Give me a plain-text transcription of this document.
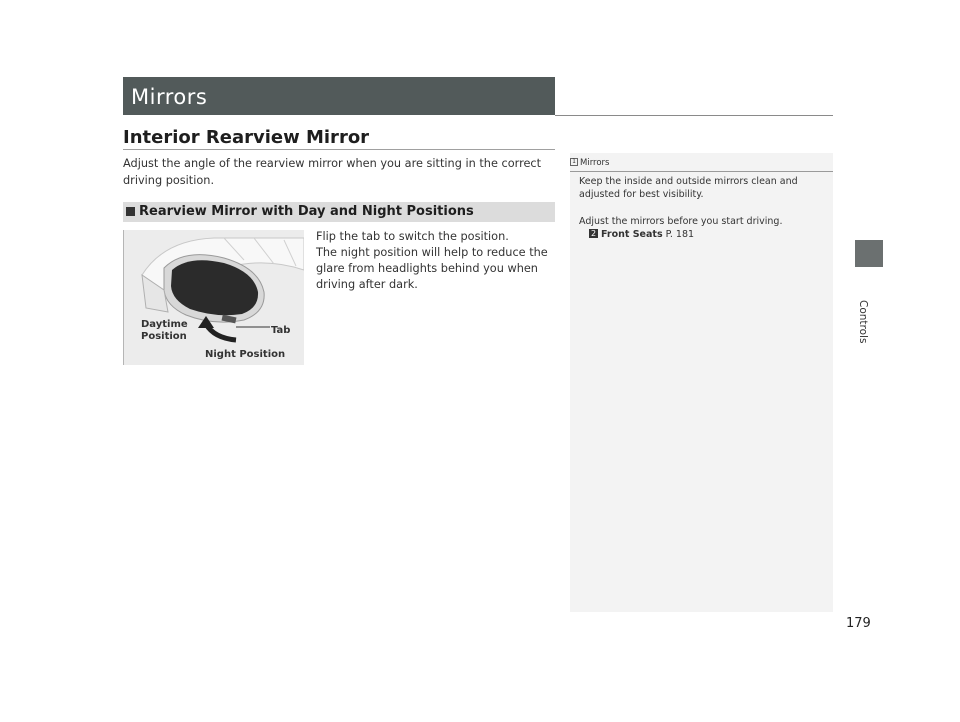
Mirrors
Interior Rearview Mirror
Adjust the angle of the rearview mirror when you are sitting in the correct driving position.
Rearview Mirror with Day and Night Positions
Daytime
Position
Tab
Night Position

Flip the tab to switch the position.

The night position will help to reduce the glare from headlights behind you when driving after dark.

1 Mirrors
Keep the inside and outside mirrors clean and adjusted for best visibility.
Adjust the mirrors before you start driving.
2 Front Seats P. 181
Controls
179
